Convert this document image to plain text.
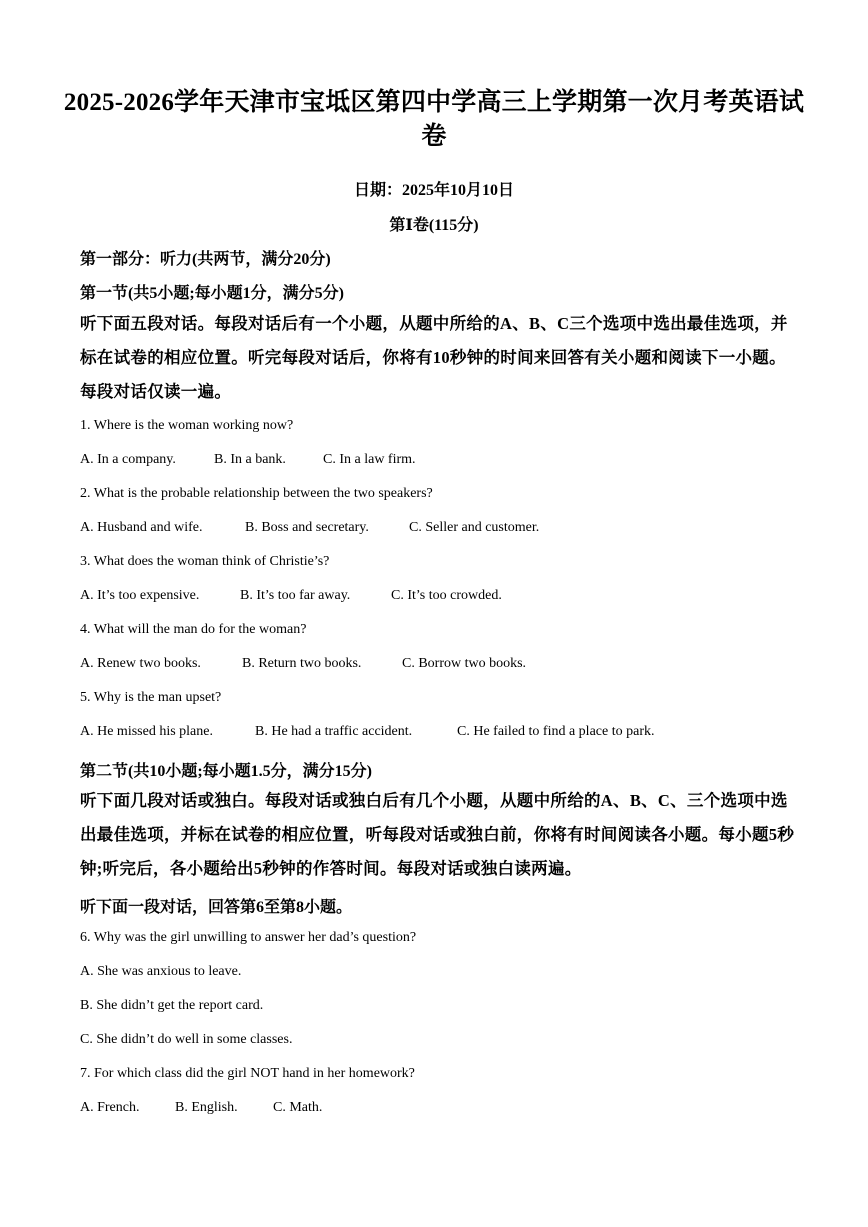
2025-2026学年天津市宝坻区第四中学高三上学期第一次月考英语试卷
日期：2025年10月10日
第Ⅰ卷(115分)
第一部分：听力(共两节，满分20分)
第一节(共5小题;每小题1分，满分5分)
听下面五段对话。每段对话后有一个小题，从题中所给的A、B、C三个选项中选出最佳选项，并标在试卷的相应位置。听完每段对话后，你将有10秒钟的时间来回答有关小题和阅读下一小题。每段对话仅读一遍。
1. Where is the woman working now?
A. In a company.	B. In a bank.	C. In a law firm.
2. What is the probable relationship between the two speakers?
A. Husband and wife.	B. Boss and secretary.	C. Seller and customer.
3. What does the woman think of Christie’s?
A. It’s too expensive.	B. It’s too far away.	C. It’s too crowded.
4. What will the man do for the woman?
A. Renew two books.	B. Return two books.	C. Borrow two books.
5. Why is the man upset?
A. He missed his plane.	B. He had a traffic accident.	C. He failed to find a place to park.
第二节(共10小题;每小题1.5分，满分15分)
听下面几段对话或独白。每段对话或独白后有几个小题，从题中所给的A、B、C、三个选项中选出最佳选项，并标在试卷的相应位置，听每段对话或独白前，你将有时间阅读各小题。每小题5秒钟;听完后，各小题给出5秒钟的作答时间。每段对话或独白读两遍。
听下面一段对话，回答第6至第8小题。
6. Why was the girl unwilling to answer her dad’s question?
A. She was anxious to leave.
B. She didn’t get the report card.
C. She didn’t do well in some classes.
7. For which class did the girl NOT hand in her homework?
A. French.	B. English.	C. Math.
